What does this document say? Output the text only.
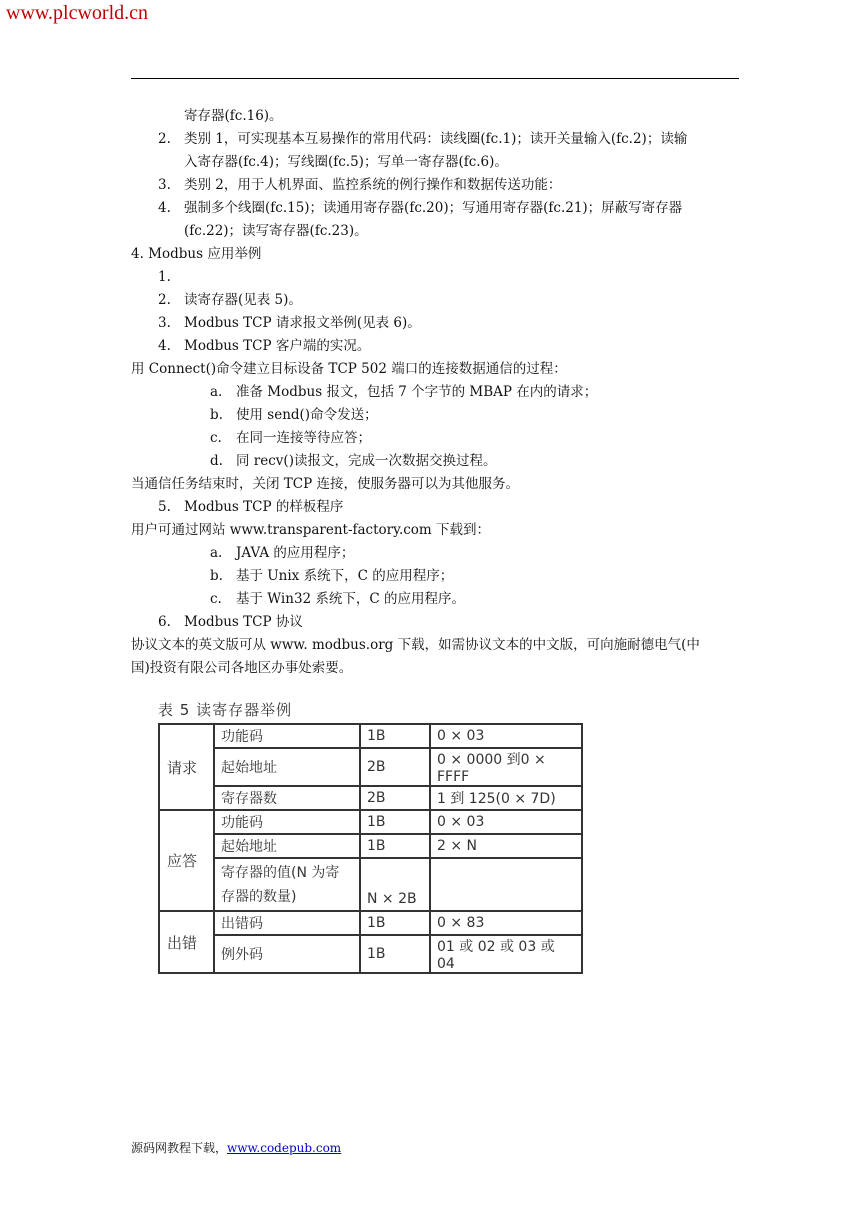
www.plcworld.cn
寄存器(fc.16)。
2. 类别 1，可实现基本互易操作的常用代码：读线圈(fc.1)；读开关量输入(fc.2)；读输
入寄存器(fc.4)；写线圈(fc.5)；写单一寄存器(fc.6)。
3. 类别 2，用于人机界面、监控系统的例行操作和数据传送功能：
4. 强制多个线圈(fc.15)；读通用寄存器(fc.20)；写通用寄存器(fc.21)；屏蔽写寄存器
(fc.22)；读写寄存器(fc.23)。
4. Modbus 应用举例
1.
2. 读寄存器(见表 5)。
3. Modbus TCP 请求报文举例(见表 6)。
4. Modbus TCP 客户端的实况。
用 Connect()命令建立目标设备 TCP 502 端口的连接数据通信的过程：
a. 准备 Modbus 报文，包括 7 个字节的 MBAP 在内的请求；
b. 使用 send()命令发送；
c. 在同一连接等待应答；
d. 同 recv()读报文，完成一次数据交换过程。
当通信任务结束时，关闭 TCP 连接，使服务器可以为其他服务。
5. Modbus TCP 的样板程序
用户可通过网站 www.transparent-factory.com 下载到：
a. JAVA 的应用程序；
b. 基于 Unix 系统下，C 的应用程序；
c. 基于 Win32 系统下，C 的应用程序。
6. Modbus TCP 协议
协议文本的英文版可从 www. modbus.org 下载，如需协议文本的中文版，可向施耐德电气(中
国)投资有限公司各地区办事处索要。
表 5 读寄存器举例
请求	功能码	1B	0 × 03
	起始地址	2B	0 × 0000 到0 × FFFF
	寄存器数	2B	1 到 125(0 × 7D)
应答	功能码	1B	0 × 03
	起始地址	1B	2 × N
	寄存器的值(N 为寄存器的数量)	N × 2B	
出错	出错码	1B	0 × 83
	例外码	1B	01 或 02 或 03 或 04
源码网教程下载，www.codepub.com
